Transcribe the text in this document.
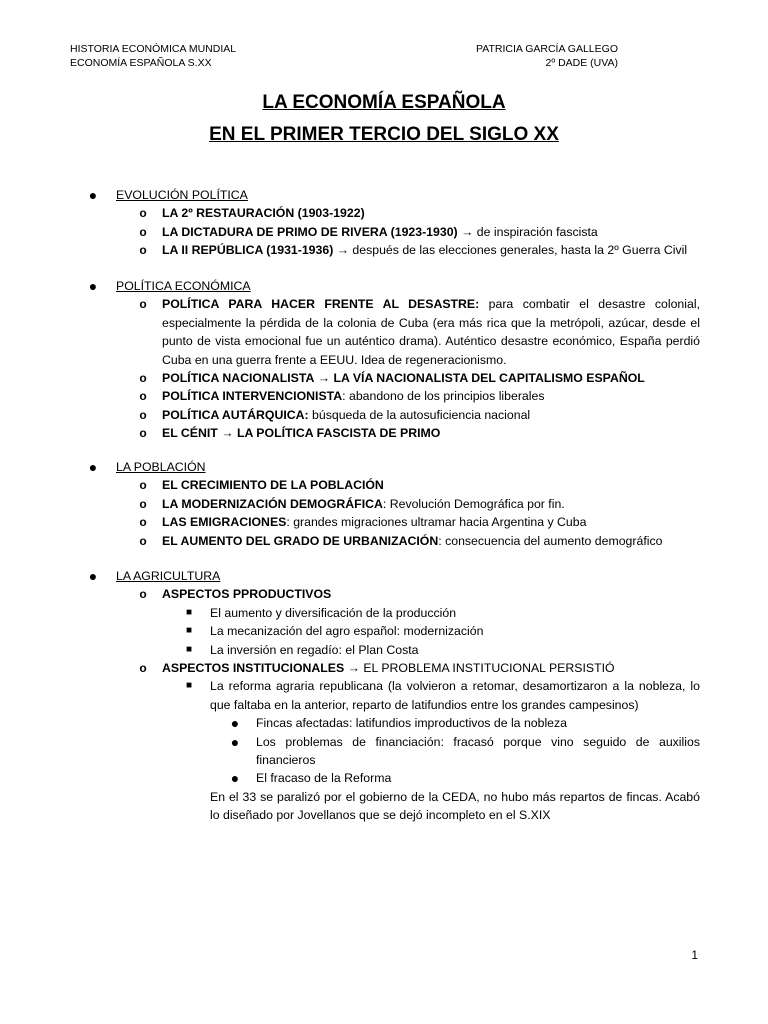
HISTORIA ECONÓMICA MUNDIAL
ECONOMÍA ESPAÑOLA S.XX
PATRICIA GARCÍA GALLEGO
2º DADE (UVA)
LA ECONOMÍA ESPAÑOLA
EN EL PRIMER TERCIO DEL SIGLO XX
● EVOLUCIÓN POLÍTICA
o LA 2º RESTAURACIÓN (1903-1922)
o LA DICTADURA DE PRIMO DE RIVERA (1923-1930) → de inspiración fascista
o LA II REPÚBLICA (1931-1936) → después de las elecciones generales, hasta la 2º Guerra Civil
● POLÍTICA ECONÓMICA
o POLÍTICA PARA HACER FRENTE AL DESASTRE: para combatir el desastre colonial, especialmente la pérdida de la colonia de Cuba (era más rica que la metrópoli, azúcar, desde el punto de vista emocional fue un auténtico drama). Auténtico desastre económico, España perdió Cuba en una guerra frente a EEUU. Idea de regeneracionismo.
o POLÍTICA NACIONALISTA → LA VÍA NACIONALISTA DEL CAPITALISMO ESPAÑOL
o POLÍTICA INTERVENCIONISTA: abandono de los principios liberales
o POLÍTICA AUTÁRQUICA: búsqueda de la autosuficiencia nacional
o EL CÉNIT → LA POLÍTICA FASCISTA DE PRIMO
● LA POBLACIÓN
o EL CRECIMIENTO DE LA POBLACIÓN
o LA MODERNIZACIÓN DEMOGRÁFICA: Revolución Demográfica por fin.
o LAS EMIGRACIONES: grandes migraciones ultramar hacia Argentina y Cuba
o EL AUMENTO DEL GRADO DE URBANIZACIÓN: consecuencia del aumento demográfico
● LA AGRICULTURA
o ASPECTOS PPRODUCTIVOS
■ El aumento y diversificación de la producción
■ La mecanización del agro español: modernización
■ La inversión en regadío: el Plan Costa
o ASPECTOS INSTITUCIONALES → EL PROBLEMA INSTITUCIONAL PERSISTIÓ
■ La reforma agraria republicana (la volvieron a retomar, desamortizaron a la nobleza, lo que faltaba en la anterior, reparto de latifundios entre los grandes campesinos)
● Fincas afectadas: latifundios improductivos de la nobleza
● Los problemas de financiación: fracasó porque vino seguido de auxilios financieros
● El fracaso de la Reforma
En el 33 se paralizó por el gobierno de la CEDA, no hubo más repartos de fincas. Acabó lo diseñado por Jovellanos que se dejó incompleto en el S.XIX
1
